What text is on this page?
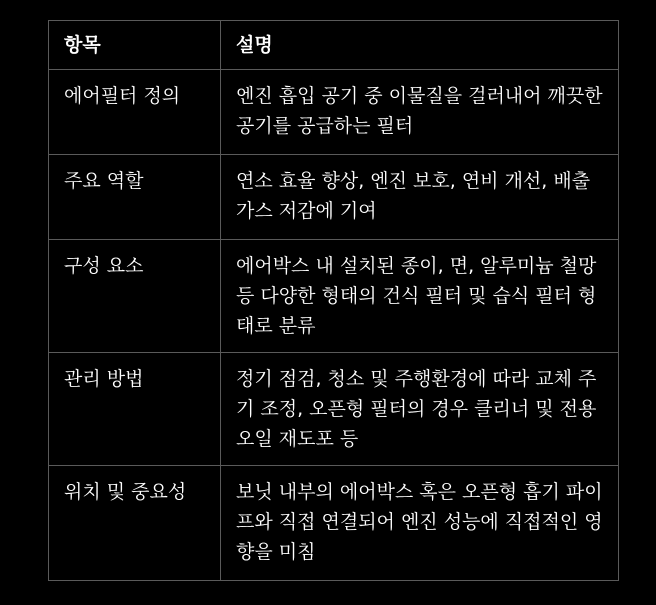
항목	설명
에어필터 정의	엔진 흡입 공기 중 이물질을 걸러내어 깨끗한 공기를 공급하는 필터
주요 역할	연소 효율 향상, 엔진 보호, 연비 개선, 배출가스 저감에 기여
구성 요소	에어박스 내 설치된 종이, 면, 알루미늄 철망 등 다양한 형태의 건식 필터 및 습식 필터 형태로 분류
관리 방법	정기 점검, 청소 및 주행환경에 따라 교체 주기 조정, 오픈형 필터의 경우 클리너 및 전용 오일 재도포 등
위치 및 중요성	보닛 내부의 에어박스 혹은 오픈형 흡기 파이프와 직접 연결되어 엔진 성능에 직접적인 영향을 미침
